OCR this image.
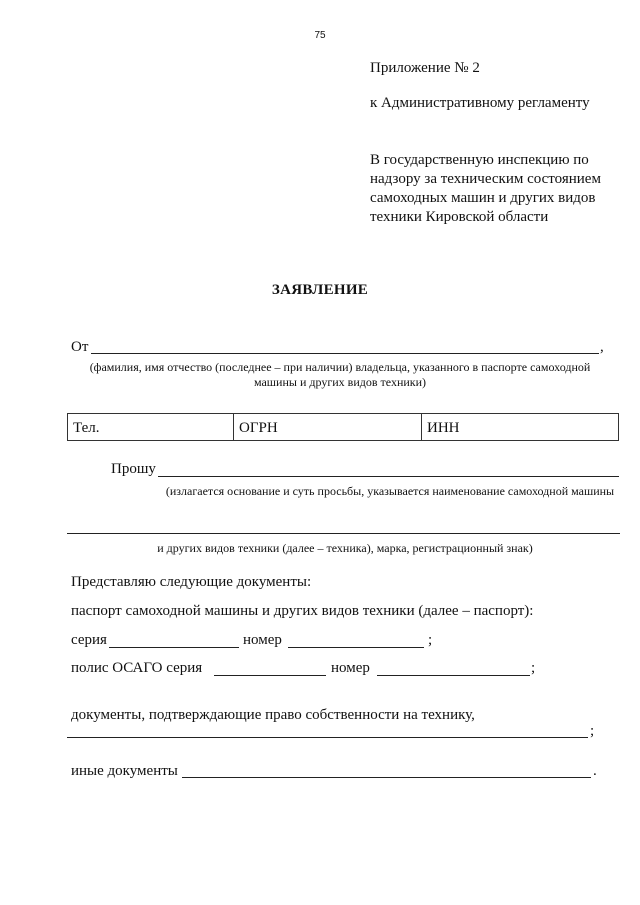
75
Приложение № 2
к Административному регламенту
В государственную инспекцию по надзору за техническим состоянием самоходных машин и других видов техники Кировской области
ЗАЯВЛЕНИЕ
От	,
(фамилия, имя отчество (последнее – при наличии) владельца, указанного в паспорте самоходной машины и других видов техники)
Тел.	ОГРН	ИНН
Прошу
(излагается основание и суть просьбы, указывается наименование самоходной машины
и других видов техники (далее – техника), марка, регистрационный знак)
Представляю следующие документы:
паспорт самоходной машины и других видов техники (далее – паспорт):
серия	номер	;
полис ОСАГО серия	номер	;
документы, подтверждающие право собственности на технику,
;
иные документы	.
